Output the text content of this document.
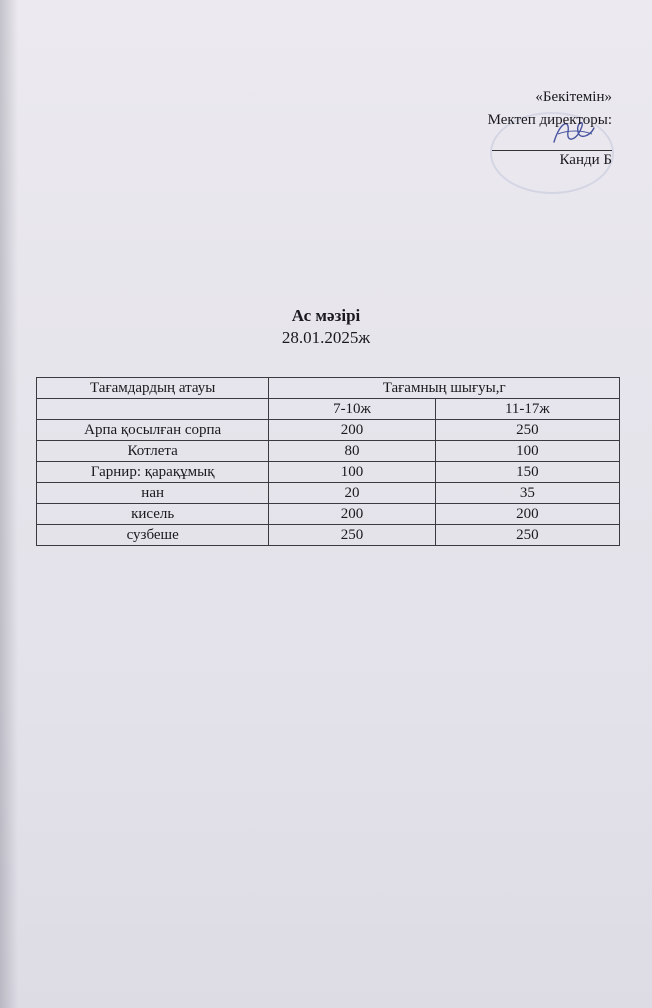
«Бекітемін»
Мектеп директоры:
Канди Б
Ас мәзірі
28.01.2025ж
Тағамдардың атауы	Тағамның шығуы,г	
	7-10ж	11-17ж
Арпа қосылған сорпа	200	250
Котлета	80	100
Гарнир: қарақұмық	100	150
нан	20	35
кисель	200	200
сузбеше	250	250
